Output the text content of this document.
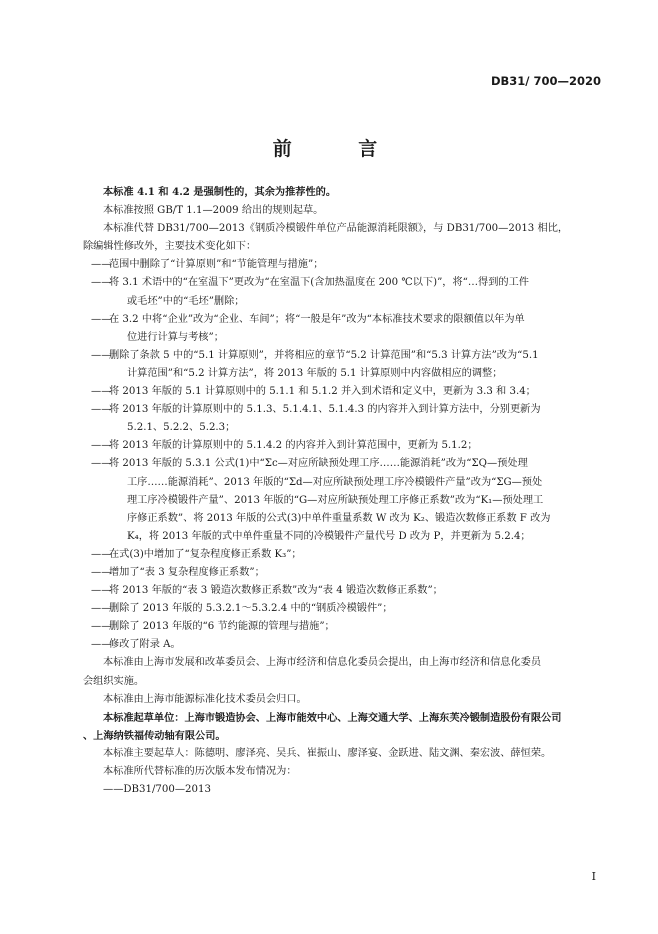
DB31/ 700—2020
前 言
本标准 4.1 和 4.2 是强制性的，其余为推荐性的。
本标准按照 GB/T 1.1—2009 给出的规则起草。
本标准代替 DB31/700—2013《钢质冷模锻件单位产品能源消耗限额》，与 DB31/700—2013 相比，
除编辑性修改外，主要技术变化如下：
——
范围中删除了“计算原则”和“节能管理与措施”；
——
将 3.1 术语中的“在室温下”更改为“在室温下(含加热温度在 200 ℃以下)”，将“…得到的工件
或毛坯”中的“毛坯”删除；
——
在 3.2 中将“企业”改为“企业、车间”；将“一般是年”改为“本标准技术要求的限额值以年为单
位进行计算与考核”；
——
删除了条款 5 中的“5.1 计算原则”，并将相应的章节“5.2 计算范围”和“5.3 计算方法”改为“5.1
计算范围”和“5.2 计算方法”，将 2013 年版的 5.1 计算原则中内容做相应的调整；
——
将 2013 年版的 5.1 计算原则中的 5.1.1 和 5.1.2 并入到术语和定义中，更新为 3.3 和 3.4；
——
将 2013 年版的计算原则中的 5.1.3、5.1.4.1、5.1.4.3 的内容并入到计算方法中，分别更新为
5.2.1、5.2.2、5.2.3；
——
将 2013 年版的计算原则中的 5.1.4.2 的内容并入到计算范围中，更新为 5.1.2；
——
将 2013 年版的 5.3.1 公式(1)中“Σc—对应所缺预处理工序……能源消耗”改为“ΣQ—预处理
工序……能源消耗”、2013 年版的“Σd—对应所缺预处理工序冷模锻件产量”改为“ΣG—预处
理工序冷模锻件产量”、2013 年版的“G—对应所缺预处理工序修正系数”改为“K₁—预处理工
序修正系数”、将 2013 年版的公式(3)中单件重量系数 W 改为 K₂、锻造次数修正系数 F 改为
K₄，将 2013 年版的式中单件重量不同的冷模锻件产量代号 D 改为 P，并更新为 5.2.4；
——
在式(3)中增加了“复杂程度修正系数 K₃”；
——
增加了“表 3 复杂程度修正系数”；
——
将 2013 年版的“表 3 锻造次数修正系数”改为“表 4 锻造次数修正系数”；
——
删除了 2013 年版的 5.3.2.1～5.3.2.4 中的“钢质冷模锻件”；
——
删除了 2013 年版的“6 节约能源的管理与措施”；
——
修改了附录 A。
本标准由上海市发展和改革委员会、上海市经济和信息化委员会提出，由上海市经济和信息化委员
会组织实施。
本标准由上海市能源标准化技术委员会归口。
本标准起草单位：上海市锻造协会、上海市能效中心、上海交通大学、上海东芙冷锻制造股份有限公司
、上海纳铁福传动轴有限公司。
本标准主要起草人：陈德明、廖泽亮、吴兵、崔振山、廖泽宴、金跃进、陆文渊、秦宏波、薛恒荣。
本标准所代替标准的历次版本发布情况为：
——DB31/700—2013
I
